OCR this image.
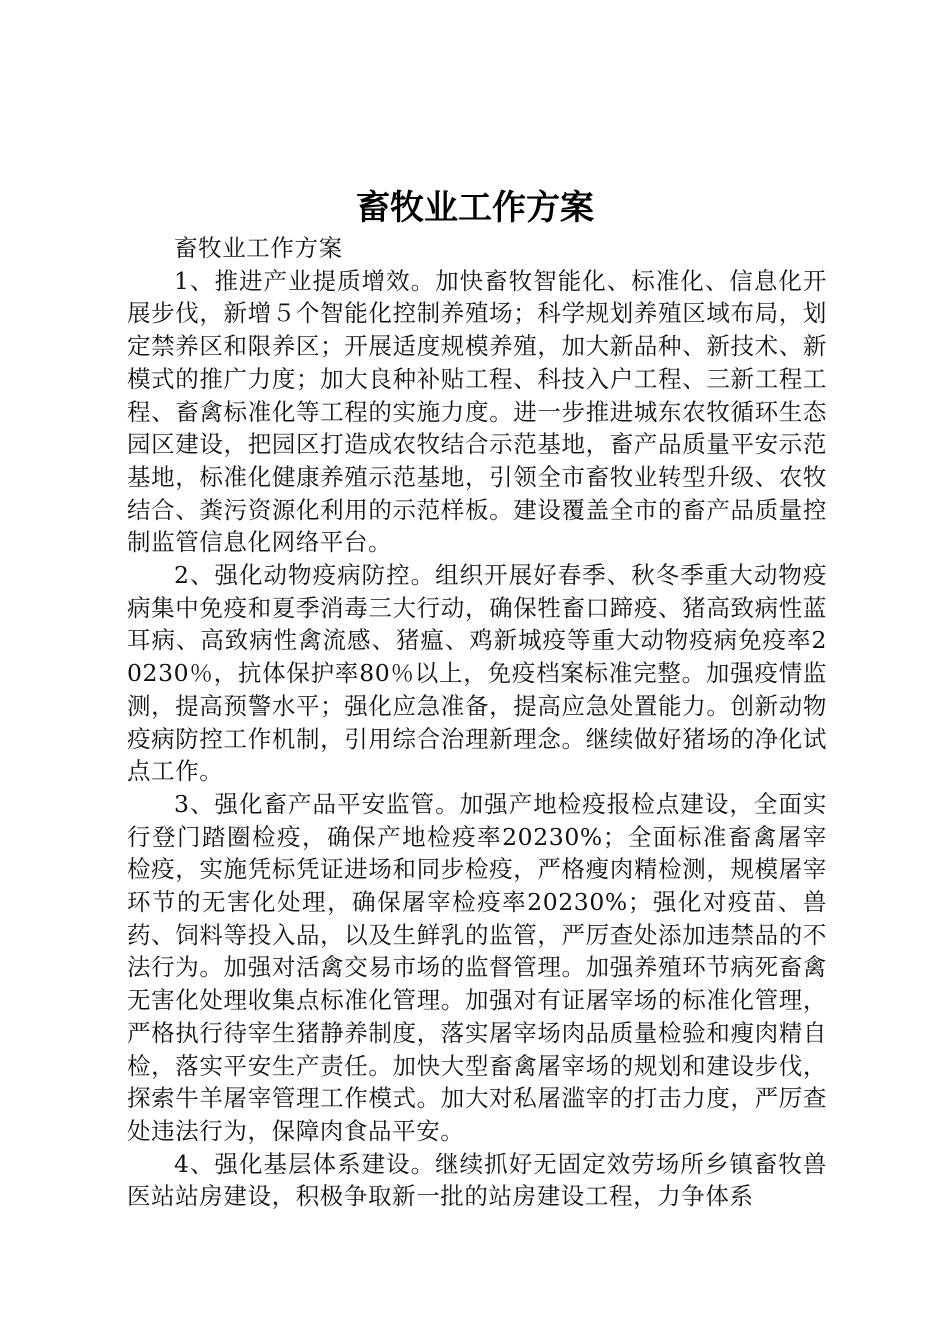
畜牧业工作方案

畜牧业工作方案

1、推进产业提质增效。加快畜牧智能化、标准化、信息化开展步伐，新增５个智能化控制养殖场；科学规划养殖区域布局，划定禁养区和限养区；开展适度规模养殖，加大新品种、新技术、新模式的推广力度；加大良种补贴工程、科技入户工程、三新工程工程、畜禽标准化等工程的实施力度。进一步推进城东农牧循环生态园区建设，把园区打造成农牧结合示范基地，畜产品质量平安示范基地，标准化健康养殖示范基地，引领全市畜牧业转型升级、农牧结合、粪污资源化利用的示范样板。建设覆盖全市的畜产品质量控制监管信息化网络平台。

2、强化动物疫病防控。组织开展好春季、秋冬季重大动物疫病集中免疫和夏季消毒三大行动，确保牲畜口蹄疫、猪高致病性蓝耳病、高致病性禽流感、猪瘟、鸡新城疫等重大动物疫病免疫率20230％，抗体保护率80％以上，免疫档案标准完整。加强疫情监测，提高预警水平；强化应急准备，提高应急处置能力。创新动物疫病防控工作机制，引用综合治理新理念。继续做好猪场的净化试点工作。

3、强化畜产品平安监管。加强产地检疫报检点建设，全面实行登门踏圈检疫，确保产地检疫率20230%；全面标准畜禽屠宰检疫，实施凭标凭证进场和同步检疫，严格瘦肉精检测，规模屠宰环节的无害化处理，确保屠宰检疫率20230%；强化对疫苗、兽药、饲料等投入品，以及生鲜乳的监管，严厉查处添加违禁品的不法行为。加强对活禽交易市场的监督管理。加强养殖环节病死畜禽无害化处理收集点标准化管理。加强对有证屠宰场的标准化管理，严格执行待宰生猪静养制度，落实屠宰场肉品质量检验和瘦肉精自检，落实平安生产责任。加快大型畜禽屠宰场的规划和建设步伐，探索牛羊屠宰管理工作模式。加大对私屠滥宰的打击力度，严厉查处违法行为，保障肉食品平安。

4、强化基层体系建设。继续抓好无固定效劳场所乡镇畜牧兽医站站房建设，积极争取新一批的站房建设工程，力争体系
